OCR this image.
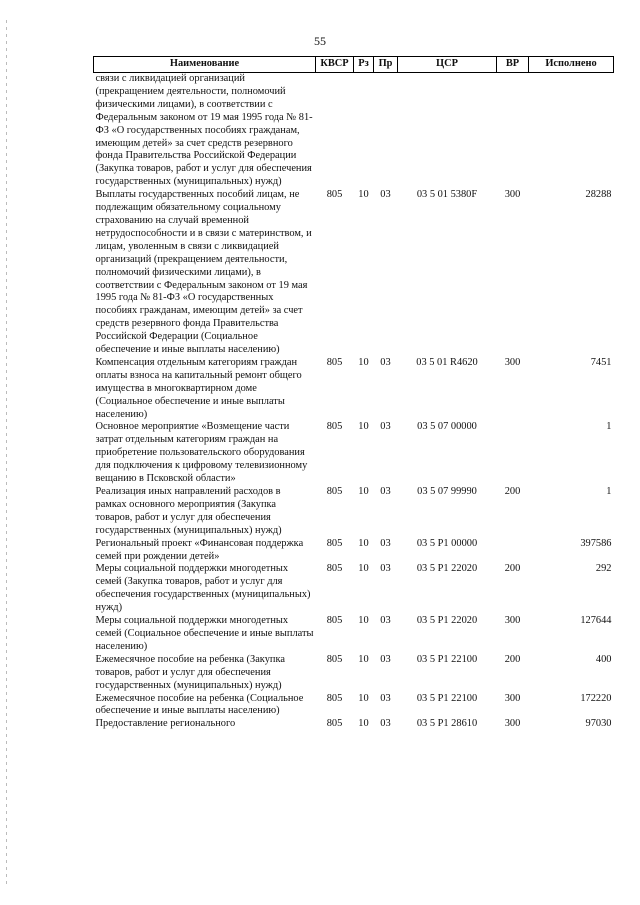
55
Наименование	КВСР	Рз	Пр	ЦСР	ВР	Исполнено
связи с ликвидацией организаций (прекращением деятельности, полномочий физическими лицами), в соответствии с Федеральным законом от 19 мая 1995 года № 81-ФЗ «О государственных пособиях гражданам, имеющим детей» за счет средств резервного фонда Правительства Российской Федерации (Закупка товаров, работ и услуг для обеспечения государственных (муниципальных) нужд)						
Выплаты государственных пособий лицам, не подлежащим обязательному социальному страхованию на случай временной нетрудоспособности и в связи с материнством, и лицам, уволенным в связи с ликвидацией организаций (прекращением деятельности, полномочий физическими лицами), в соответствии с Федеральным законом от 19 мая 1995 года № 81-ФЗ «О государственных пособиях гражданам, имеющим детей» за счет средств резервного фонда Правительства Российской Федерации (Социальное обеспечение и иные выплаты населению)	805	10	03	03 5 01 5380F	300	28288
Компенсация отдельным категориям граждан оплаты взноса на капитальный ремонт общего имущества в многоквартирном доме (Социальное обеспечение и иные выплаты населению)	805	10	03	03 5 01 R4620	300	7451
Основное мероприятие «Возмещение части затрат отдельным категориям граждан на приобретение пользовательского оборудования для подключения к цифровому телевизионному вещанию в Псковской области»	805	10	03	03 5 07 00000		1
Реализация иных направлений расходов в рамках основного мероприятия (Закупка товаров, работ и услуг для обеспечения государственных (муниципальных) нужд)	805	10	03	03 5 07 99990	200	1
Региональный проект «Финансовая поддержка семей при рождении детей»	805	10	03	03 5 P1 00000		397586
Меры социальной поддержки многодетных семей (Закупка товаров, работ и услуг для обеспечения государственных (муниципальных) нужд)	805	10	03	03 5 P1 22020	200	292
Меры социальной поддержки многодетных семей (Социальное обеспечение и иные выплаты населению)	805	10	03	03 5 P1 22020	300	127644
Ежемесячное пособие на ребенка (Закупка товаров, работ и услуг для обеспечения государственных (муниципальных) нужд)	805	10	03	03 5 P1 22100	200	400
Ежемесячное пособие на ребенка (Социальное обеспечение и иные выплаты населению)	805	10	03	03 5 P1 22100	300	172220
Предоставление регионального	805	10	03	03 5 P1 28610	300	97030
